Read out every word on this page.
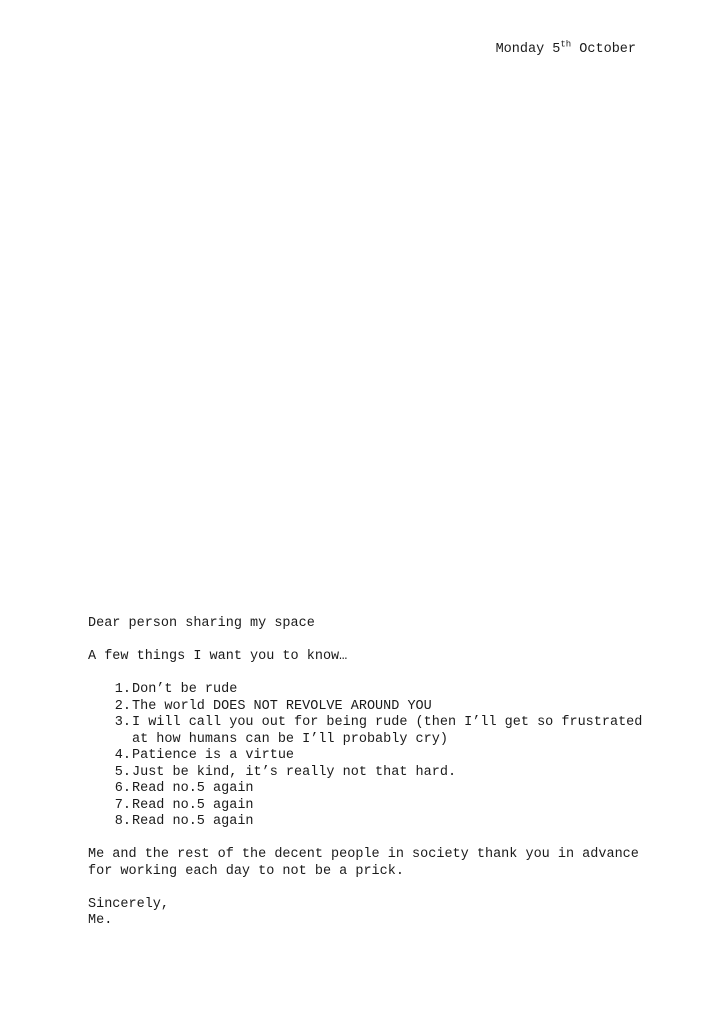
Monday 5th October

Dear person sharing my space

A few things I want you to know…

1. Don’t be rude
2. The world DOES NOT REVOLVE AROUND YOU
3. I will call you out for being rude (then I’ll get so frustrated at how humans can be I’ll probably cry)
4. Patience is a virtue
5. Just be kind, it’s really not that hard.
6. Read no.5 again
7. Read no.5 again
8. Read no.5 again

Me and the rest of the decent people in society thank you in advance for working each day to not be a prick.

Sincerely,
Me.
